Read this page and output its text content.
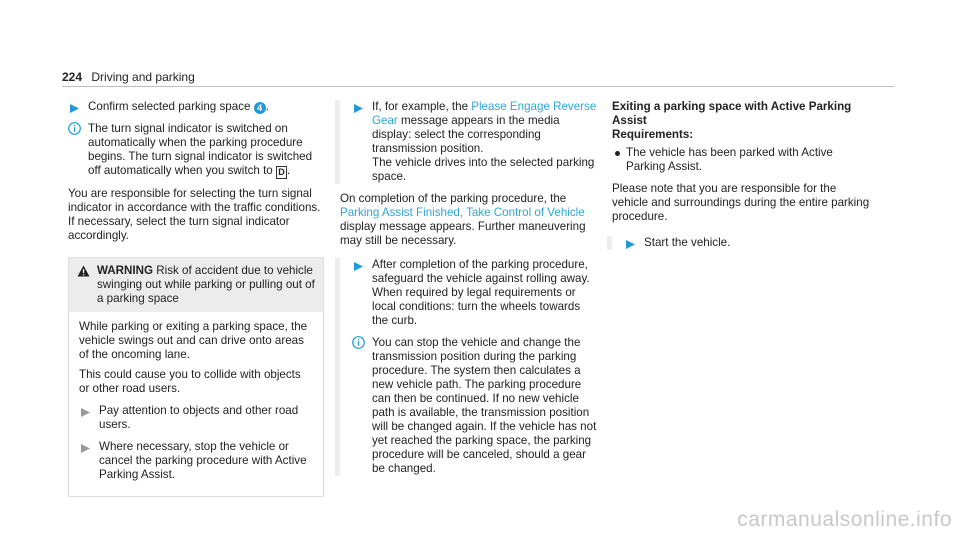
224 Driving and parking
Confirm selected parking space 4 .
The turn signal indicator is switched on automatically when the parking procedure begins. The turn signal indicator is switched off automatically when you switch to D .

You are responsible for selecting the turn signal indicator in accordance with the traffic conditions. If necessary, select the turn signal indicator accordingly.

WARNING Risk of accident due to vehicle swinging out while parking or pulling out of a parking space

While parking or exiting a parking space, the vehicle swings out and can drive onto areas of the oncoming lane.

This could cause you to collide with objects or other road users.

Pay attention to objects and other road users.
Where necessary, stop the vehicle or cancel the parking procedure with Active Parking Assist.
If, for example, the Please Engage Reverse Gear message appears in the media display: select the corresponding transmission position.
The vehicle drives into the selected parking space.

On completion of the parking procedure, the Parking Assist Finished, Take Control of Vehicle display message appears. Further maneuvering may still be necessary.

After completion of the parking procedure, safeguard the vehicle against rolling away. When required by legal requirements or local conditions: turn the wheels towards the curb.
You can stop the vehicle and change the transmission position during the parking procedure. The system then calculates a new vehicle path. The parking procedure can then be continued. If no new vehicle path is available, the transmission position will be changed again. If the vehicle has not yet reached the parking space, the parking procedure will be canceled, should a gear be changed.
Exiting a parking space with Active Parking Assist
Requirements:
The vehicle has been parked with Active Parking Assist.

Please note that you are responsible for the vehicle and surroundings during the entire parking procedure.

Start the vehicle.
carmanualsonline.info
